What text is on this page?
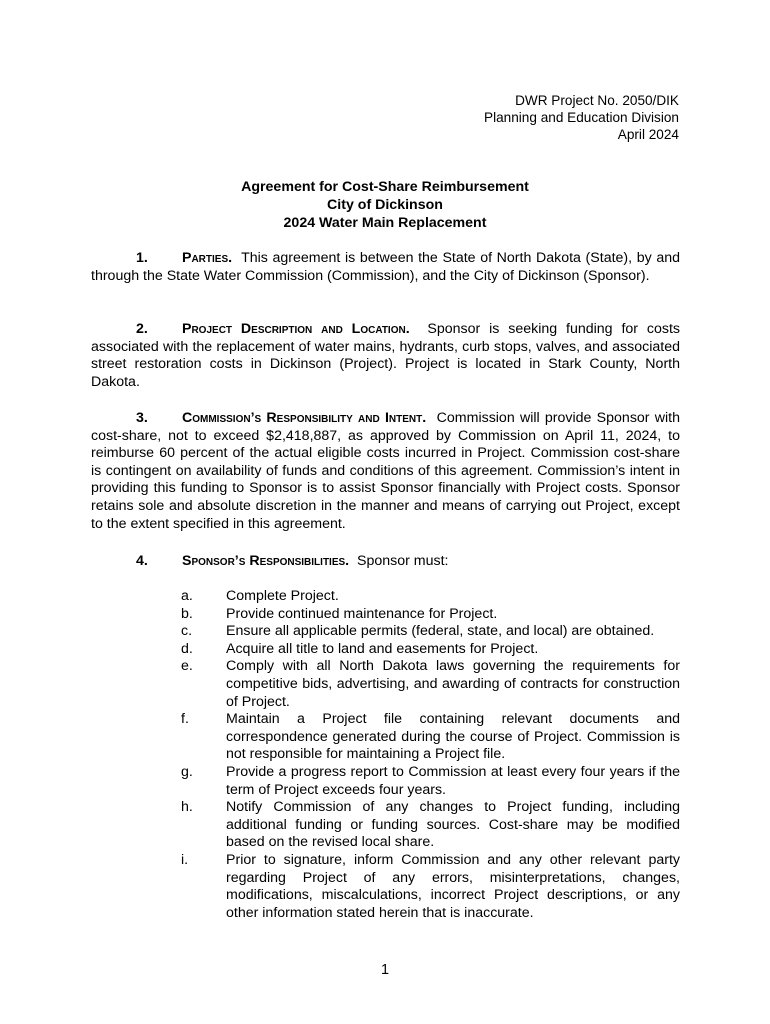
DWR Project No. 2050/DIK
Planning and Education Division
April 2024
Agreement for Cost-Share Reimbursement
City of Dickinson
2024 Water Main Replacement
1. Parties. This agreement is between the State of North Dakota (State), by and through the State Water Commission (Commission), and the City of Dickinson (Sponsor).
2. Project Description and Location. Sponsor is seeking funding for costs associated with the replacement of water mains, hydrants, curb stops, valves, and associated street restoration costs in Dickinson (Project). Project is located in Stark County, North Dakota.
3. Commission’s Responsibility and Intent. Commission will provide Sponsor with cost-share, not to exceed $2,418,887, as approved by Commission on April 11, 2024, to reimburse 60 percent of the actual eligible costs incurred in Project. Commission cost-share is contingent on availability of funds and conditions of this agreement. Commission’s intent in providing this funding to Sponsor is to assist Sponsor financially with Project costs. Sponsor retains sole and absolute discretion in the manner and means of carrying out Project, except to the extent specified in this agreement.
4. Sponsor’s Responsibilities. Sponsor must:
a. Complete Project.
b. Provide continued maintenance for Project.
c. Ensure all applicable permits (federal, state, and local) are obtained.
d. Acquire all title to land and easements for Project.
e. Comply with all North Dakota laws governing the requirements for competitive bids, advertising, and awarding of contracts for construction of Project.
f.	Maintain a Project file containing relevant documents and correspondence generated during the course of Project. Commission is not responsible for maintaining a Project file.
g. Provide a progress report to Commission at least every four years if the term of Project exceeds four years.
h. Notify Commission of any changes to Project funding, including additional funding or funding sources. Cost-share may be modified based on the revised local share.
i.	Prior to signature, inform Commission and any other relevant party regarding Project of any errors, misinterpretations, changes, modifications, miscalculations, incorrect Project descriptions, or any other information stated herein that is inaccurate.
1
